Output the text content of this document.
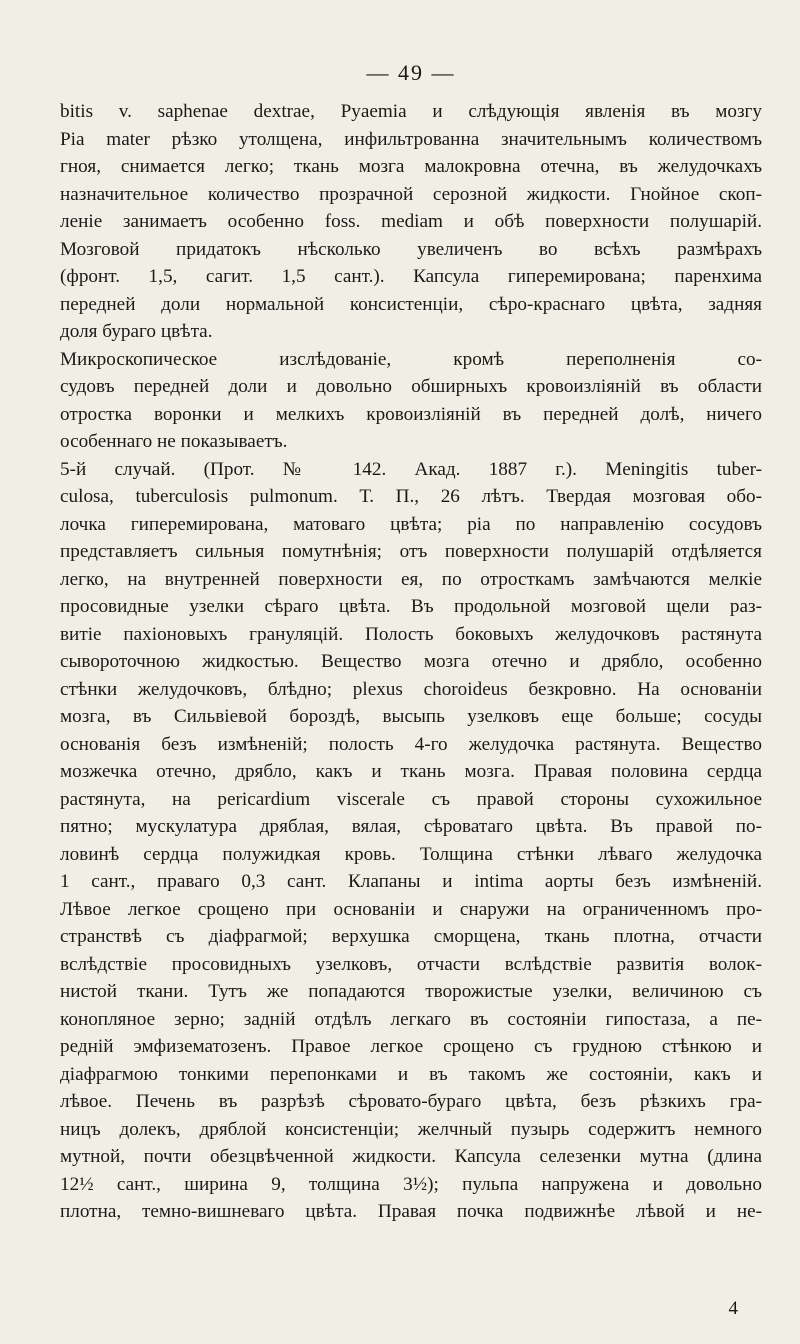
— 49 —
bitis v. saphenae dextrae, Pyaemia и слѣдующія явленія въ мозгу
Pia mater рѣзко утолщена, инфильтрованна значительнымъ количествомъ
гноя, снимается легко; ткань мозга малокровна отечна, въ желудочкахъ
назначительное количество прозрачной серозной жидкости. Гнойное скоп-
леніе занимаетъ особенно foss. mediam и обѣ поверхности полушарій.
Мозговой придатокъ нѣсколько увеличенъ во всѣхъ размѣрахъ
(фронт. 1,5, сагит. 1,5 сант.). Капсула гиперемирована; паренхима
передней доли нормальной консистенціи, сѣро-краснаго цвѣта, задняя
доля бураго цвѣта.
Микроскопическое изслѣдованіе, кромѣ переполненія со-
судовъ передней доли и довольно обширныхъ кровоизліяній въ области
отростка воронки и мелкихъ кровоизліяній въ передней долѣ, ничего
особеннаго не показываетъ.
5-й случай. (Прот. № 142. Акад. 1887 г.). Meningitis tuber-
culosa, tuberculosis pulmonum. Т. П., 26 лѣтъ. Твердая мозговая обо-
лочка гиперемирована, матоваго цвѣта; pia по направленію сосудовъ
представляетъ сильныя помутнѣнія; отъ поверхности полушарій отдѣляется
легко, на внутренней поверхности ея, по отросткамъ замѣчаются мелкіе
просовидные узелки сѣраго цвѣта. Въ продольной мозговой щели раз-
витіе пахіоновыхъ грануляцій. Полость боковыхъ желудочковъ растянута
сывороточною жидкостью. Вещество мозга отечно и дрябло, особенно
стѣнки желудочковъ, блѣдно; plexus choroideus безкровно. На основаніи
мозга, въ Сильвіевой бороздѣ, высыпь узелковъ еще больше; сосуды
основанія безъ измѣненій; полость 4-го желудочка растянута. Вещество
мозжечка отечно, дрябло, какъ и ткань мозга. Правая половина сердца
растянута, на pericardium viscerale съ правой стороны сухожильное
пятно; мускулатура дряблая, вялая, сѣроватаго цвѣта. Въ правой по-
ловинѣ сердца полужидкая кровь. Толщина стѣнки лѣваго желудочка
1 сант., праваго 0,3 сант. Клапаны и intima аорты безъ измѣненій.
Лѣвое легкое срощено при основаніи и снаружи на ограниченномъ про-
странствѣ съ діафрагмой; верхушка сморщена, ткань плотна, отчасти
вслѣдствіе просовидныхъ узелковъ, отчасти вслѣдствіе развитія волок-
нистой ткани. Тутъ же попадаются творожистые узелки, величиною съ
конопляное зерно; задній отдѣлъ легкаго въ состояніи гипостаза, а пе-
редній эмфизематозенъ. Правое легкое срощено съ грудною стѣнкою и
діафрагмою тонкими перепонками и въ такомъ же состояніи, какъ и
лѣвое. Печень въ разрѣзѣ сѣровато-бураго цвѣта, безъ рѣзкихъ гра-
ницъ долекъ, дряблой консистенціи; желчный пузырь содержитъ немного
мутной, почти обезцвѣченной жидкости. Капсула селезенки мутна (длина
12½ сант., ширина 9, толщина 3½); пульпа напружена и довольно
плотна, темно-вишневаго цвѣта. Правая почка подвижнѣе лѣвой и не-
4
